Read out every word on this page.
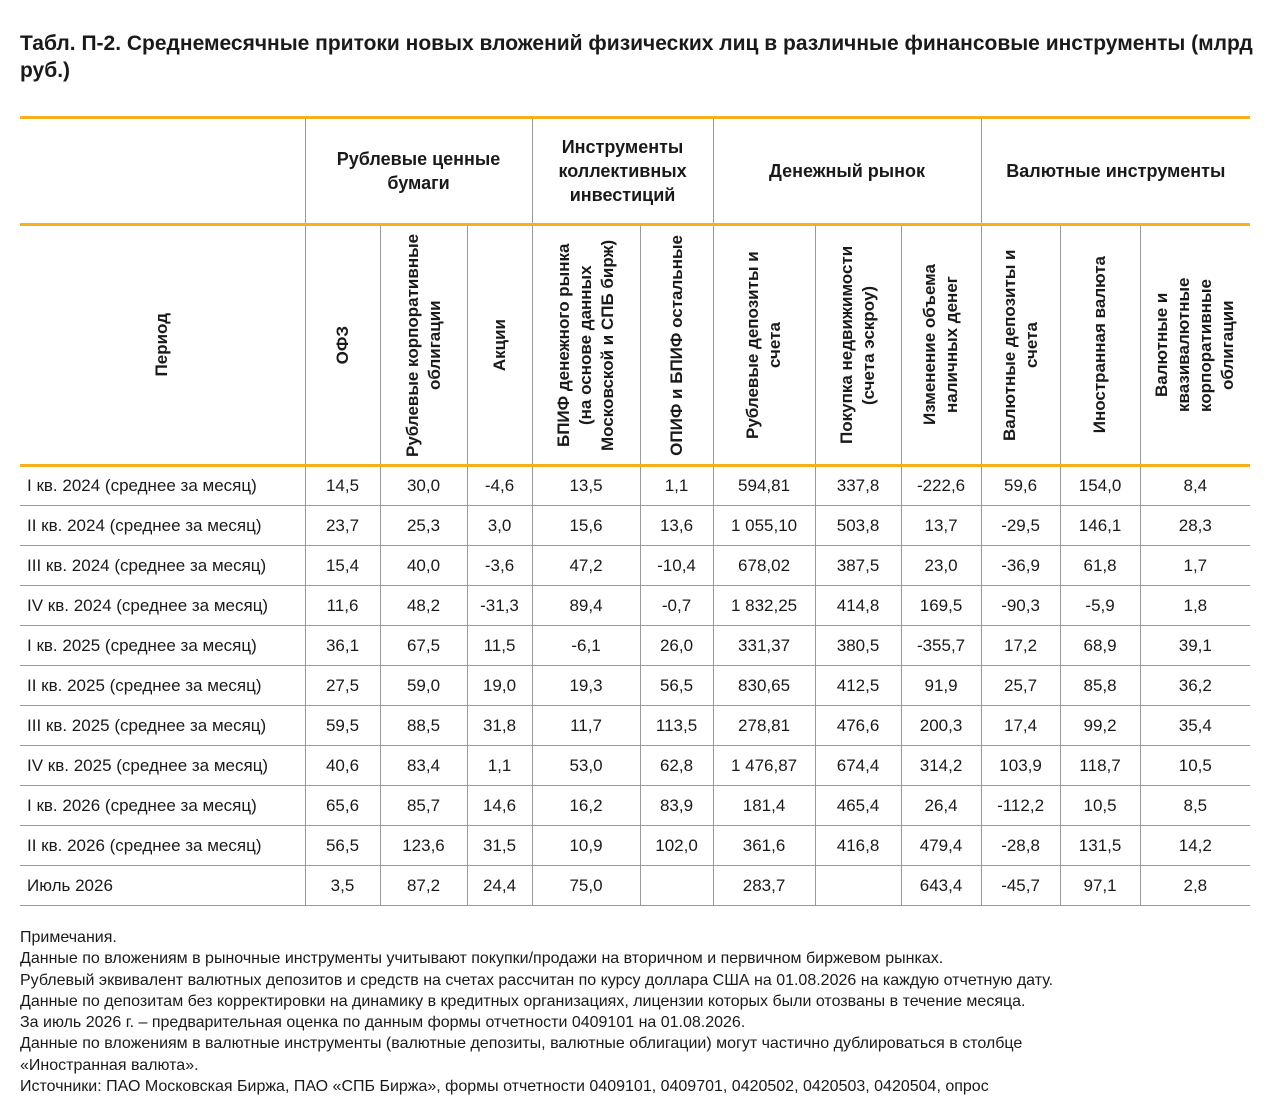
Табл. П-2. Среднемесячные притоки новых вложений физических лиц в различные финансовые инструменты (млрд руб.)
	Рублевые ценные бумаги			Инструменты коллективных инвестиций		Денежный рынок			Валютные инструменты		

Период	ОФЗ	Рублевые корпоративные облигации	Акции	БПИФ денежного рынка (на основе данных Московской и СПБ бирж)	ОПИФ и БПИФ остальные	Рублевые депозиты и счета	Покупка недвижимости (счета эскроу)	Изменение объема наличных денег	Валютные депозиты и счета	Иностранная валюта	Валютные и квазивалютные корпоративные облигации

I кв. 2024 (среднее за месяц)	14,5	30,0	-4,6	13,5	1,1	594,81	337,8	-222,6	59,6	154,0	8,4
II кв. 2024 (среднее за месяц)	23,7	25,3	3,0	15,6	13,6	1 055,10	503,8	13,7	-29,5	146,1	28,3
III кв. 2024 (среднее за месяц)	15,4	40,0	-3,6	47,2	-10,4	678,02	387,5	23,0	-36,9	61,8	1,7
IV кв. 2024 (среднее за месяц)	11,6	48,2	-31,3	89,4	-0,7	1 832,25	414,8	169,5	-90,3	-5,9	1,8
I кв. 2025 (среднее за месяц)	36,1	67,5	11,5	-6,1	26,0	331,37	380,5	-355,7	17,2	68,9	39,1
II кв. 2025 (среднее за месяц)	27,5	59,0	19,0	19,3	56,5	830,65	412,5	91,9	25,7	85,8	36,2
III кв. 2025 (среднее за месяц)	59,5	88,5	31,8	11,7	113,5	278,81	476,6	200,3	17,4	99,2	35,4
IV кв. 2025 (среднее за месяц)	40,6	83,4	1,1	53,0	62,8	1 476,87	674,4	314,2	103,9	118,7	10,5
I кв. 2026 (среднее за месяц)	65,6	85,7	14,6	16,2	83,9	181,4	465,4	26,4	-112,2	10,5	8,5
II кв. 2026 (среднее за месяц)	56,5	123,6	31,5	10,9	102,0	361,6	416,8	479,4	-28,8	131,5	14,2
Июль 2026	3,5	87,2	24,4	75,0		283,7		643,4	-45,7	97,1	2,8
Примечания.
Данные по вложениям в рыночные инструменты учитывают покупки/продажи на вторичном и первичном биржевом рынках.
Рублевый эквивалент валютных депозитов и средств на счетах рассчитан по курсу доллара США на 01.08.2026 на каждую отчетную дату.
Данные по депозитам без корректировки на динамику в кредитных организациях, лицензии которых были отозваны в течение месяца.
За июль 2026 г. – предварительная оценка по данным формы отчетности 0409101 на 01.08.2026.
Данные по вложениям в валютные инструменты (валютные депозиты, валютные облигации) могут частично дублироваться в столбце
«Иностранная валюта».
Источники: ПАО Московская Биржа, ПАО «СПБ Биржа», формы отчетности 0409101, 0409701, 0420502, 0420503, 0420504, опрос
